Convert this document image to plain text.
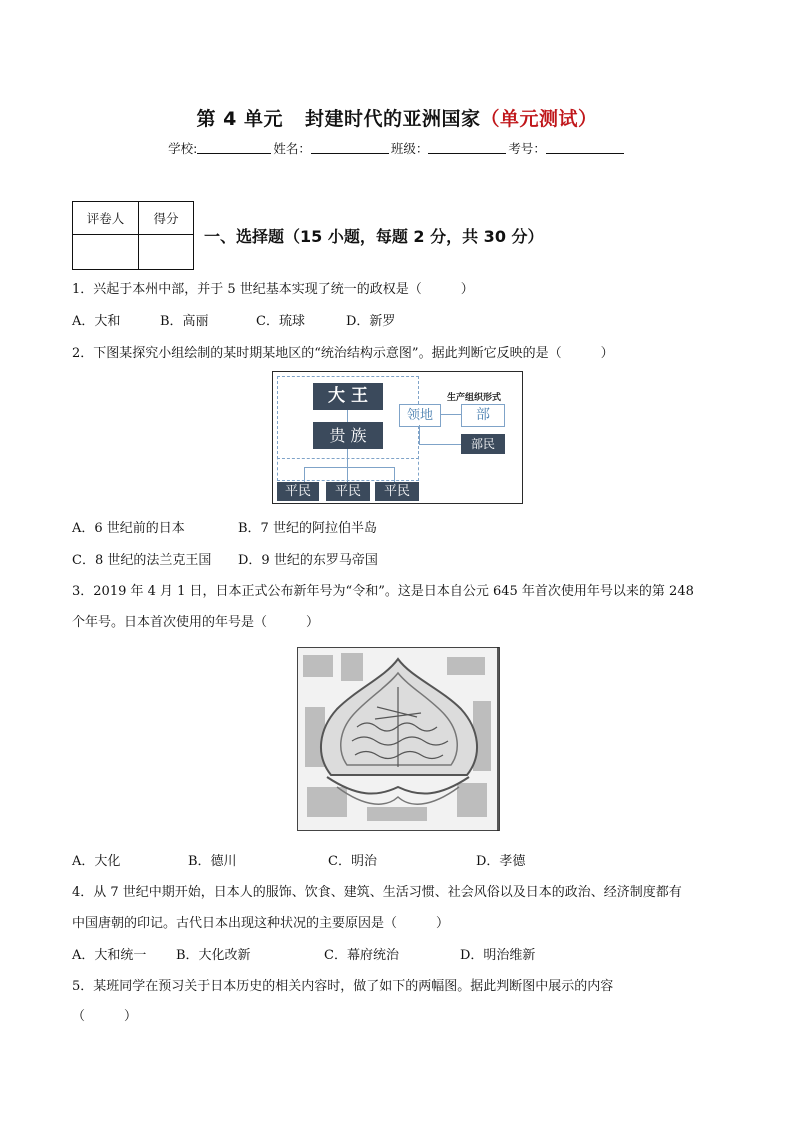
第 4 单元 封建时代的亚洲国家（单元测试）
学校:	姓名：	班级：	考号：
评卷人	得分

一、选择题（15 小题，每题 2 分，共 30 分）
1．兴起于本州中部，并于 5 世纪基本实现了统一的政权是（　　　）
A．大和	B．高丽	C．琉球	D．新罗
2．下图某探究小组绘制的某时期某地区的“统治结构示意图”。据此判断它反映的是（　　　）
大 王
贵 族
平民	平民	平民
领地
生产组织形式
部
部民
A．6 世纪前的日本	B．7 世纪的阿拉伯半岛
C．8 世纪的法兰克王国 D．9 世纪的东罗马帝国
3．2019 年 4 月 1 日，日本正式公布新年号为“令和”。这是日本自公元 645 年首次使用年号以来的第 248
个年号。日本首次使用的年号是（　　　）
A．大化	B．德川	C．明治	D．孝德
4．从 7 世纪中期开始，日本人的服饰、饮食、建筑、生活习惯、社会风俗以及日本的政治、经济制度都有
中国唐朝的印记。古代日本出现这种状况的主要原因是（　　　）
A．大和统一 B．大化改新	C．幕府统治	D．明治维新
5．某班同学在预习关于日本历史的相关内容时，做了如下的两幅图。据此判断图中展示的内容
（　　　）
